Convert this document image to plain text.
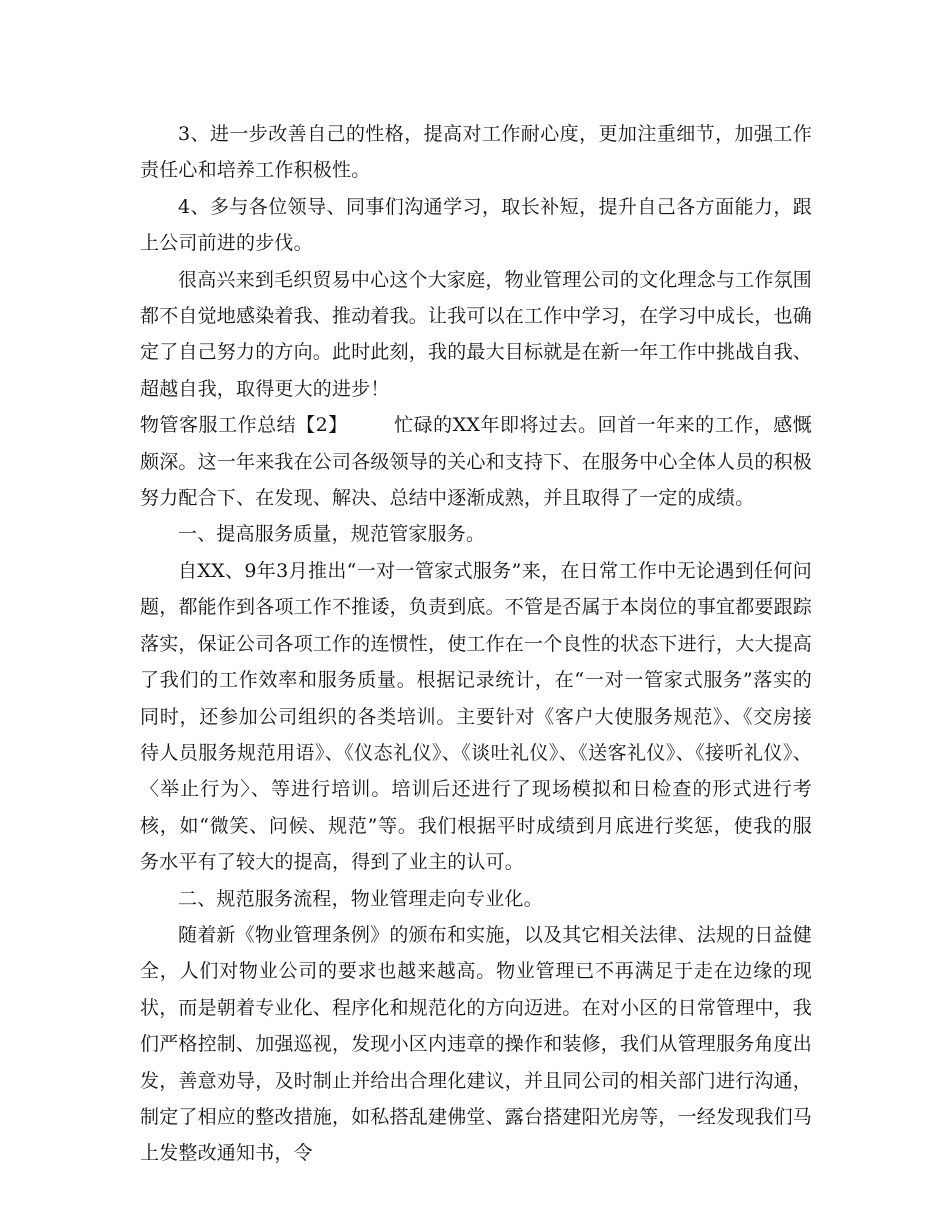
3、进一步改善自己的性格，提高对工作耐心度，更加注重细节，加强工作责任心和培养工作积极性。

4、多与各位领导、同事们沟通学习，取长补短，提升自己各方面能力，跟上公司前进的步伐。

很高兴来到毛织贸易中心这个大家庭，物业管理公司的文化理念与工作氛围都不自觉地感染着我、推动着我。让我可以在工作中学习，在学习中成长，也确定了自己努力的方向。此时此刻，我的最大目标就是在新一年工作中挑战自我、超越自我，取得更大的进步！

物管客服工作总结【2】 忙碌的XX年即将过去。回首一年来的工作，感慨颇深。这一年来我在公司各级领导的关心和支持下、在服务中心全体人员的积极努力配合下、在发现、解决、总结中逐渐成熟，并且取得了一定的成绩。

一、提高服务质量，规范管家服务。

自XX、9年3月推出“一对一管家式服务”来，在日常工作中无论遇到任何问题，都能作到各项工作不推诿，负责到底。不管是否属于本岗位的事宜都要跟踪落实，保证公司各项工作的连惯性，使工作在一个良性的状态下进行，大大提高了我们的工作效率和服务质量。根据记录统计，在“一对一管家式服务”落实的同时，还参加公司组织的各类培训。主要针对《客户大使服务规范》、《交房接待人员服务规范用语》、《仪态礼仪》、《谈吐礼仪》、《送客礼仪》、《接听礼仪》、〈举止行为〉、等进行培训。培训后还进行了现场模拟和日检查的形式进行考核，如“微笑、问候、规范”等。我们根据平时成绩到月底进行奖惩，使我的服务水平有了较大的提高，得到了业主的认可。

二、规范服务流程，物业管理走向专业化。

随着新《物业管理条例》的颁布和实施，以及其它相关法律、法规的日益健全，人们对物业公司的要求也越来越高。物业管理已不再满足于走在边缘的现状，而是朝着专业化、程序化和规范化的方向迈进。在对小区的日常管理中，我们严格控制、加强巡视，发现小区内违章的操作和装修，我们从管理服务角度出发，善意劝导，及时制止并给出合理化建议，并且同公司的相关部门进行沟通，制定了相应的整改措施，如私搭乱建佛堂、露台搭建阳光房等，一经发现我们马上发整改通知书，令
